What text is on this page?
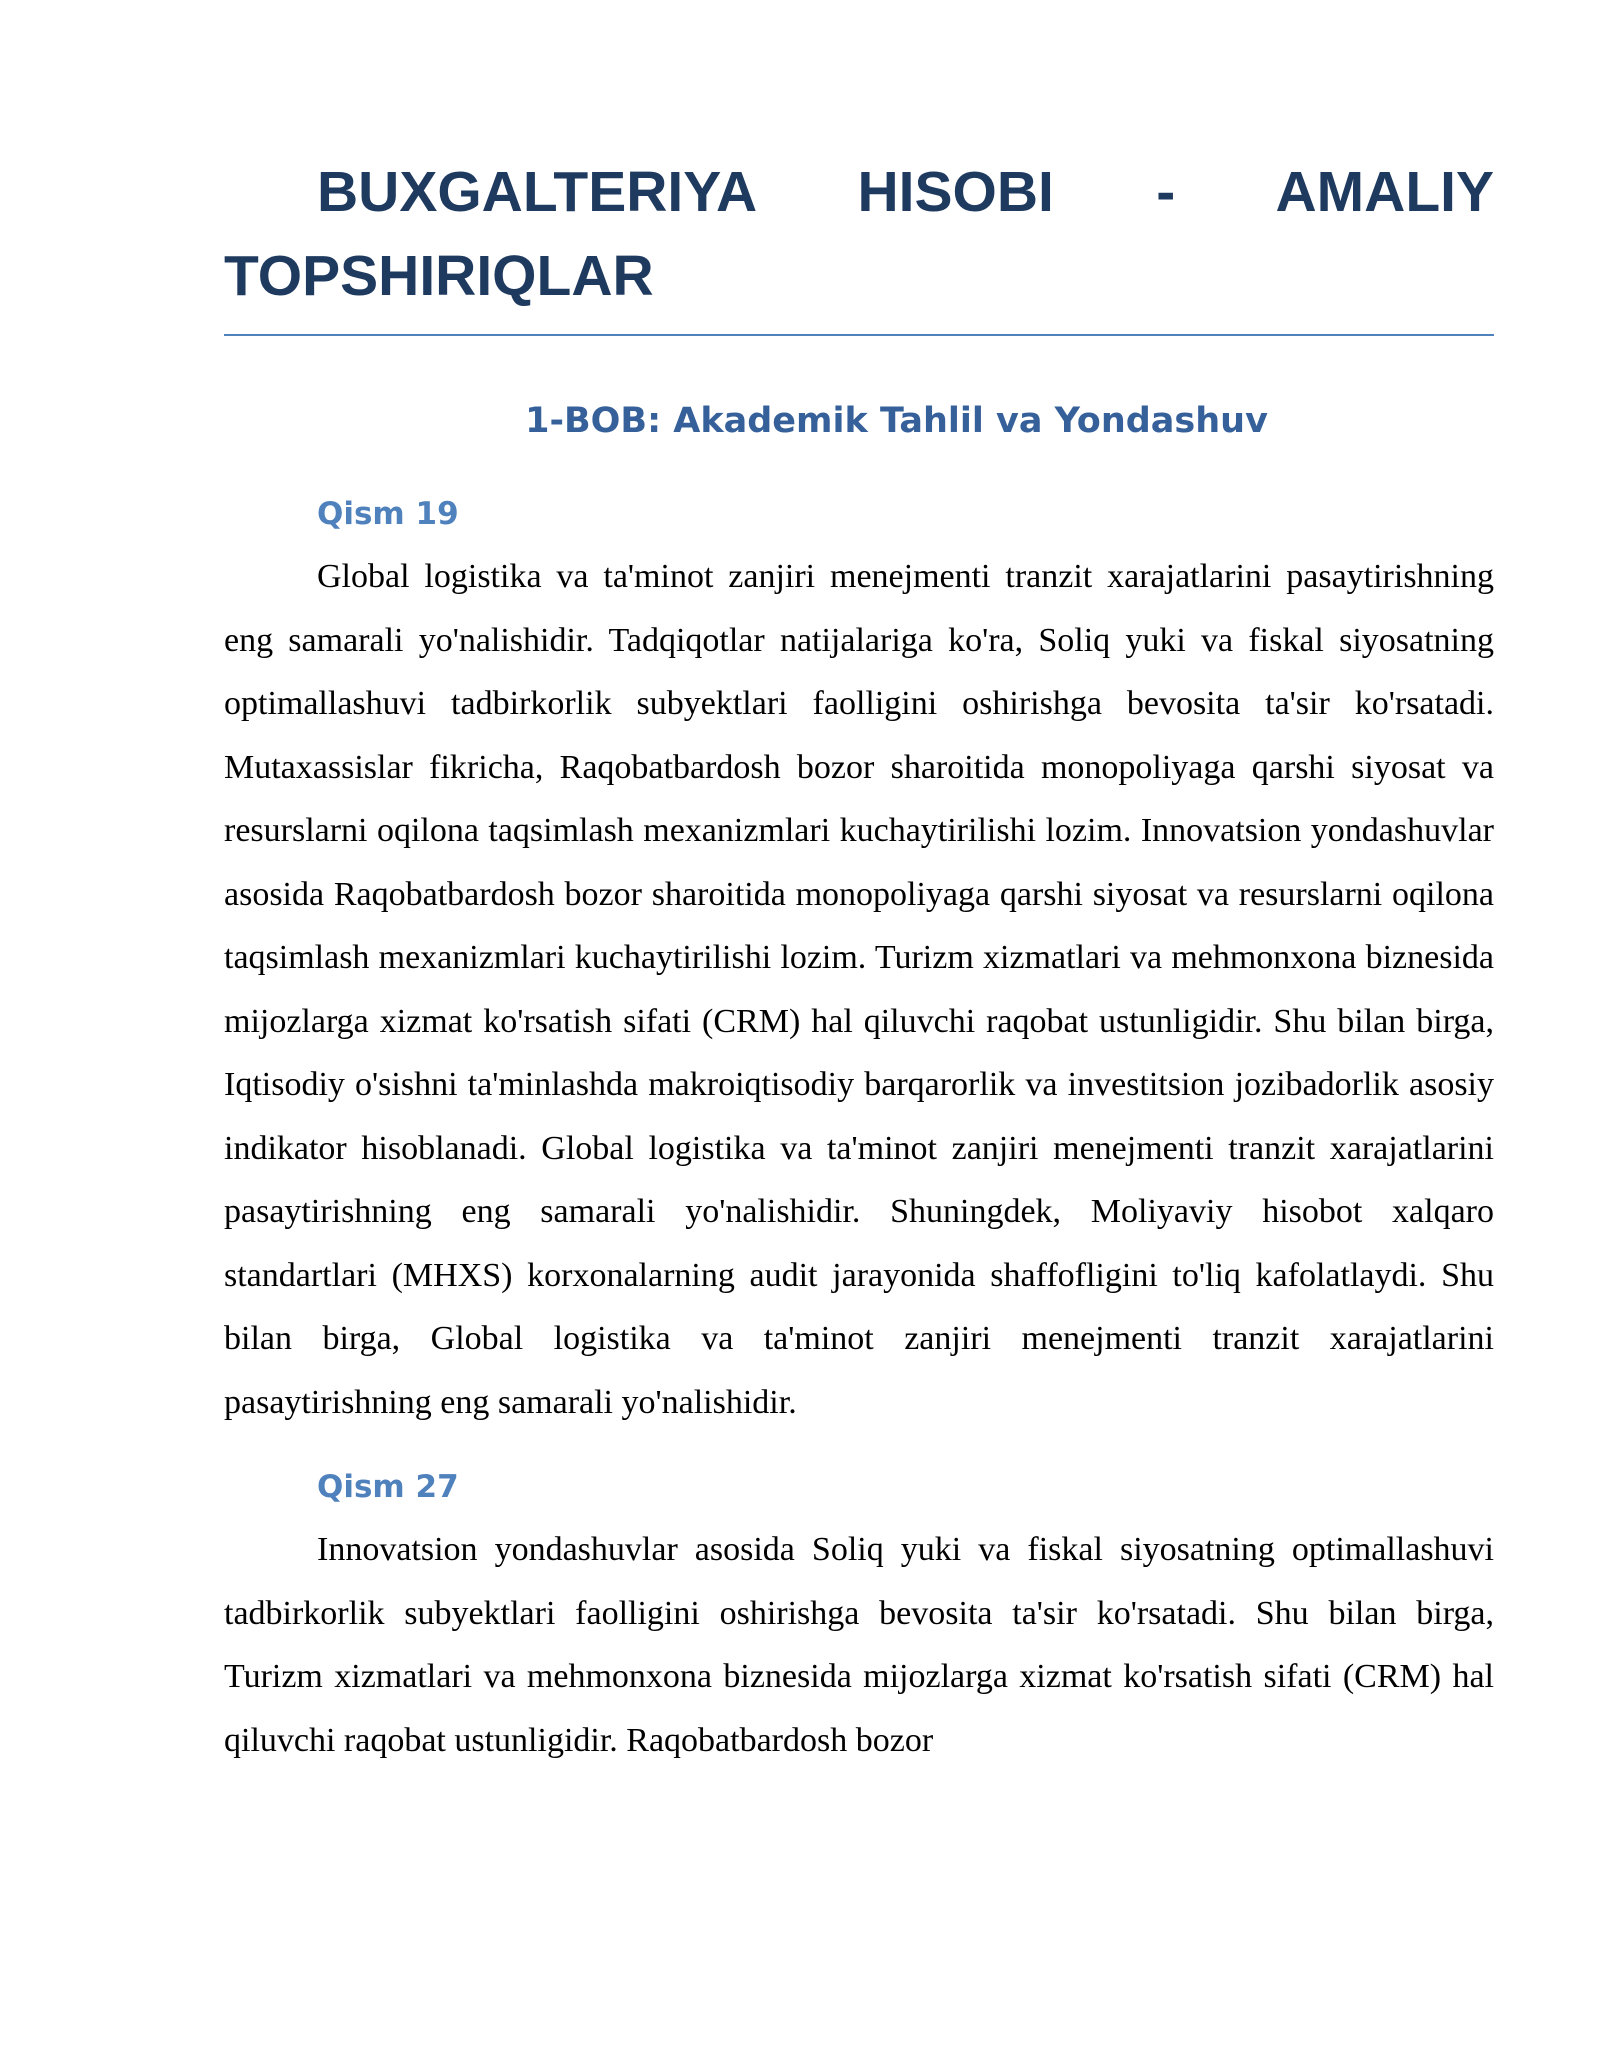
BUXGALTERIYA HISOBI - AMALIY TOPSHIRIQLAR
1-BOB: Akademik Tahlil va Yondashuv
Qism 19

Global logistika va ta'minot zanjiri menejmenti tranzit xarajatlarini pasaytirishning eng samarali yo'nalishidir. Tadqiqotlar natijalariga ko'ra, Soliq yuki va fiskal siyosatning optimallashuvi tadbirkorlik subyektlari faolligini oshirishga bevosita ta'sir ko'rsatadi. Mutaxassislar fikricha, Raqobatbardosh bozor sharoitida monopoliyaga qarshi siyosat va resurslarni oqilona taqsimlash mexanizmlari kuchaytirilishi lozim. Innovatsion yondashuvlar asosida Raqobatbardosh bozor sharoitida monopoliyaga qarshi siyosat va resurslarni oqilona taqsimlash mexanizmlari kuchaytirilishi lozim. Turizm xizmatlari va mehmonxona biznesida mijozlarga xizmat ko'rsatish sifati (CRM) hal qiluvchi raqobat ustunligidir. Shu bilan birga, Iqtisodiy o'sishni ta'minlashda makroiqtisodiy barqarorlik va investitsion jozibadorlik asosiy indikator hisoblanadi. Global logistika va ta'minot zanjiri menejmenti tranzit xarajatlarini pasaytirishning eng samarali yo'nalishidir. Shuningdek, Moliyaviy hisobot xalqaro standartlari (MHXS) korxonalarning audit jarayonida shaffofligini to'liq kafolatlaydi. Shu bilan birga, Global logistika va ta'minot zanjiri menejmenti tranzit xarajatlarini pasaytirishning eng samarali yo'nalishidir.

Qism 27

Innovatsion yondashuvlar asosida Soliq yuki va fiskal siyosatning optimallashuvi tadbirkorlik subyektlari faolligini oshirishga bevosita ta'sir ko'rsatadi. Shu bilan birga, Turizm xizmatlari va mehmonxona biznesida mijozlarga xizmat ko'rsatish sifati (CRM) hal qiluvchi raqobat ustunligidir. Raqobatbardosh bozor
